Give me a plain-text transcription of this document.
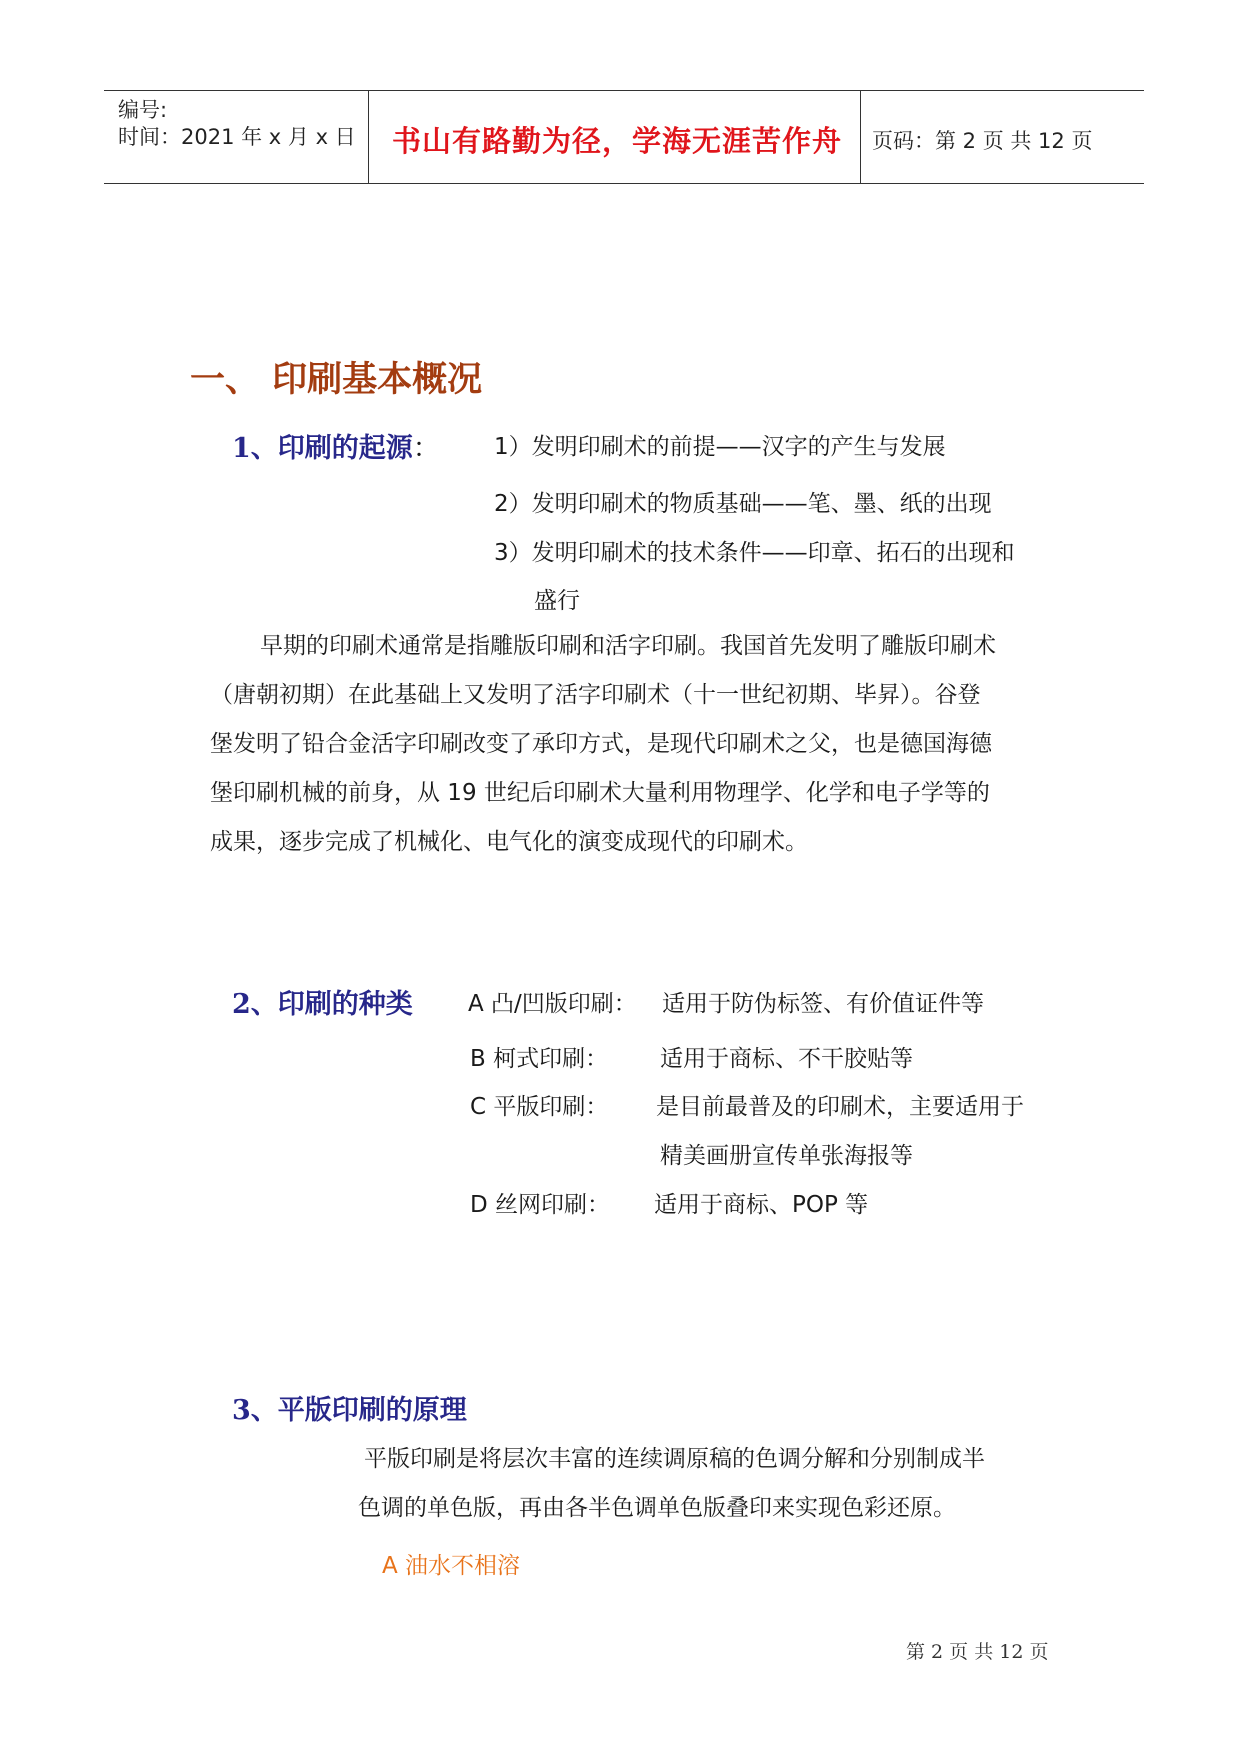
编号:
时间：2021 年 x 月 x 日 书山有路勤为径，学海无涯苦作舟 页码：第 2 页 共 12 页
一、 印刷基本概况
1、印刷的起源： 1）发明印刷术的前提——汉字的产生与发展
2）发明印刷术的物质基础——笔、墨、纸的出现
3）发明印刷术的技术条件——印章、拓石的出现和
盛行

早期的印刷术通常是指雕版印刷和活字印刷。我国首先发明了雕版印刷术

（唐朝初期）在此基础上又发明了活字印刷术（十一世纪初期、毕昇）。谷登

堡发明了铅合金活字印刷改变了承印方式，是现代印刷术之父，也是德国海德

堡印刷机械的前身，从 19 世纪后印刷术大量利用物理学、化学和电子学等的

成果，逐步完成了机械化、电气化的演变成现代的印刷术。

2、印刷的种类 A 凸/凹版印刷： 适用于防伪标签、有价值证件等
B 柯式印刷： 适用于商标、不干胶贴等
C 平版印刷： 是目前最普及的印刷术，主要适用于
精美画册宣传单张海报等
D 丝网印刷： 适用于商标、POP 等
3、平版印刷的原理

平版印刷是将层次丰富的连续调原稿的色调分解和分别制成半

色调的单色版，再由各半色调单色版叠印来实现色彩还原。

A 油水不相溶
第 2 页 共 12 页
